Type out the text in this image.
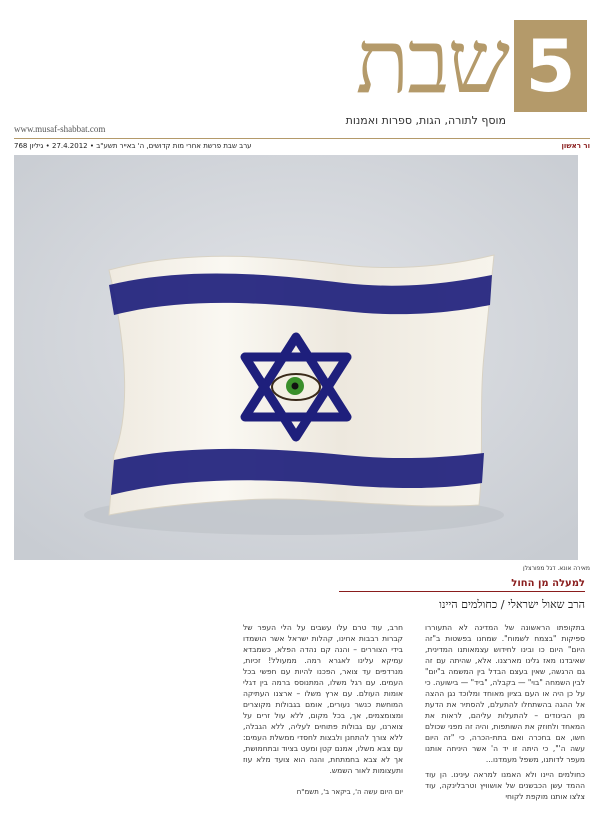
5
שבת
מוסף לתורה, הגות, ספרות ואמנות
www.musaf-shabbat.com
ערב שבת פרשת אחרי מות קדושים, ה' באייר תשע"ב • 27.4.2012 • גיליון 768	ור ראשון
מאירה אונא. דגל מפורצלן
למעלה מן החול
הרב שאול ישראלי / כחולמים היינו

בתקופתו הראשונה של המדינה לא התעוררו ספיקות "בצמח לשמוח". שמחנו בפשטות ב"זה היום" היום כו ובינו לחידוש עצמאותנו המדינית, שאיבדנו מאז גלינו מארצנו. אלא, שהיתה עם זה גם הרגשה, שאין בעצם הבדל בין המשמה ב"יום" לבין השמחה "בוי" — בקבלה, "ביד" — בישועה. כי על כן היה או העם בציון מאוחד ומלוכד נגן ההצה אל ההגה בהשתחלו להתעלם, להסתיר את הדעת מן הבינודים – להתעלות עליהם, לראות את המאחד ולחוזק את השותפות, והיה זה מפני שכולם חשו, אם בחכרה ואם בתת-הכרה, כי "זה היום עשה ה'", כי היתה זו יד ה' אשר היניחה אותנו מעפר לדותנו, משפל מעמדנו...

כחולמים היינו ולא האמנו למראה עינינו. הן עוד ההמד עשן הכבשנים של אושוויץ וטרבלינקה, עוד צלצו אותנו מוקפת לקוחי

חרב, עוד טרם עלו עשבים על הלי העפר של קברות רבבות אחינו, קהלות ישראל אשר הושמדו בידי הצוררים – והנה קם נהדה הפלא, כשמבדא עמיקא עלינו לאגרא רמה. ממעולל! זכיות, מנרדפים עד צואר, הפכנו להיות עם חפשי בכל העמים. עם רגל משלו, המתנוסס ברמה בין דגלי אומות העולם. עם ארץ משלו – ארצנו העתיקה המוחשת כנשר נעורים, אומם בגבולות מקוצרים ומצומצמים, אך, בכל מקום, ללא עול זרים על צוארנו, עם גבולות פתוחים לעליה, ללא הגבלה, ללא צורך להתחנן ולבצות לחסדי ממשלת העמים: עם צבא משלו, אמנם קטן ומעט בציוד ובתחמושת, אך לא צבא בחמתחת, והנה הוא צועד מלא עוז ותעצומות לאור השמש.

יום היום עשה ה', ביקאר ב', תשמ"ח
